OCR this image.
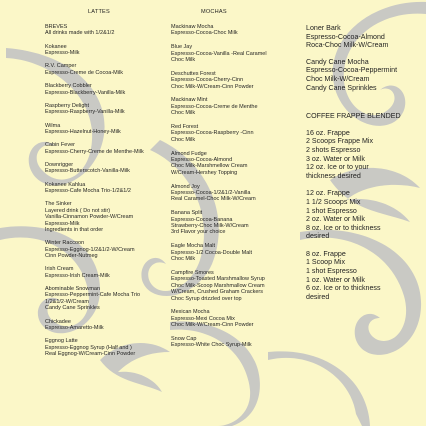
LATTES
BREVES
All drinks made with 1/2&1/2
Kokanee
Espresso-Milk
R.V. Camper
Espresso-Creme de Cocoa-Milk
Blackberry Cobbler
Espresso-Blackberry-Vanilla-Milk
Raspberry Delight
Espresso-Raspberry-Vanilla-Milk
Wilma
Espresso-Hazelnut-Honey-Milk
Cabin Fever
Espresso-Cherry-Creme de Menthe-Milk
Downrigger
Espresso-Butterscotch-Vanilla-Milk
Kokanee Kahlua
Espresso-Cafe Mocha Trio-1/2&1/2
The Sinker
Layered drink ( Do not stir)
Vanilla-Cinnamon Powder-W/Cream
Espresso-Milk
Ingredients in that order
Winter Raccoon
Espresso-Eggnog-1/2&1/2-W/Cream
Cinn Powder-Nutmeg
Irish Cream
Espresso-Irish Cream-Milk
Abominable Snowman
Espresso-Peppermint-Cafe Mocha Trio
1/2&1/2-W/Cream
Candy Cane Sprinkles
Chickadee
Espresso-Amaretto-Milk
Eggnog Latte
Espresso-Eggnog Syrup (Half and )
Real Eggnog-W/Cream-Cinn Powder
MOCHAS
Mackinaw Mocha
Espresso-Cocoa-Choc Milk
Blue Jay
Espresso-Cocoa-Vanilla -Real Caramel
Choc Milk
Deschuttes Forest
Espresso-Cocoa-Cherry-Cinn
Choc Milk-W/Cream-Cinn Powder
Mackinaw Mint
Espresso-Cocoa-Creme de Menthe
Choc Milk
Red Forest
Espresso-Cocoa-Raspberry -Cinn
Choc Milk
Almond Fudge
Espresso-Cocoa-Almond
Choc Milk-Marshmellow Cream
W/Cream-Hershey Topping
Almond Joy
Espresso-Cocoa-1/2&1/2-Vanilla
Real Caramel-Choc Milk-W/Cream
Banana Split
Espresso-Cocoa-Banana
Strawberry-Choc Milk-W/Cream
3rd Flavor your choice
Eagle Mocha Malt
Espresso-1/2 Cocoa-Double Malt
Choc Milk
Campfire Smores
Espresso-Toasted Marshmallow Syrup
Choc Milk-Scoop Marshmallow Cream
W/Cream, Crushed Graham Crackers
Choc Syrup drizzled over top
Mexican Mocha
Espresso-Mexi Cocoa Mix
Choc Milk-W/Cream-Cinn Powder
Snow Cap
Espresso-White Choc Syrup-Milk
Loner Bark
Espresso-Cocoa-Almond
Roca-Choc Milk-W/Cream
Candy Cane Mocha
Espresso-Cocoa-Peppermint
Choc Milk-W/Cream
Candy Cane Sprinkles
COFFEE FRAPPE BLENDED
16 oz. Frappe
2 Scoops Frappe Mix
2 shots Espresso
3 oz. Water or Milk
12 oz. Ice or to your
thickness desired
12 oz. Frappe
1 1/2 Scoops Mix
1 shot Espresso
2 oz. Water or Milk
8 oz. Ice or to thickness
desired
8 oz. Frappe
1 Scoop Mix
1 shot Espresso
1 oz. Water or Milk
6 oz. Ice or to thickness
desired
